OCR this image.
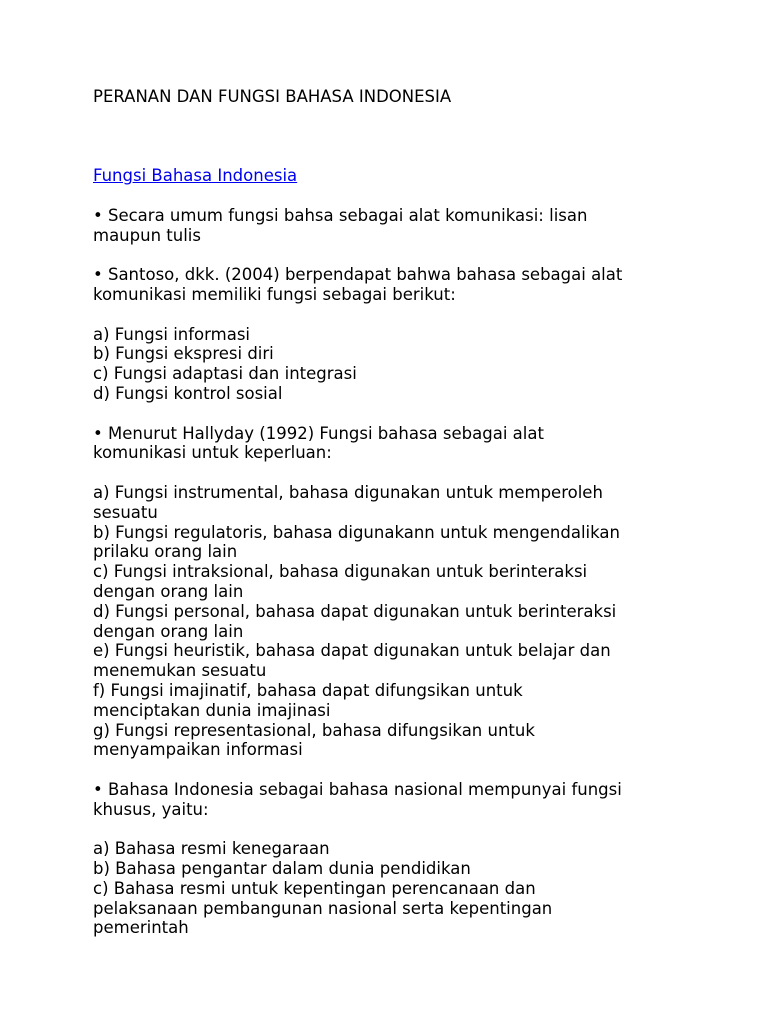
PERANAN DAN FUNGSI BAHASA INDONESIA
Fungsi Bahasa Indonesia
• Secara umum fungsi bahsa sebagai alat komunikasi: lisan
maupun tulis
• Santoso, dkk. (2004) berpendapat bahwa bahasa sebagai alat
komunikasi memiliki fungsi sebagai berikut:
a) Fungsi informasi
b) Fungsi ekspresi diri
c) Fungsi adaptasi dan integrasi
d) Fungsi kontrol sosial
• Menurut Hallyday (1992) Fungsi bahasa sebagai alat
komunikasi untuk keperluan:
a) Fungsi instrumental, bahasa digunakan untuk memperoleh
sesuatu
b) Fungsi regulatoris, bahasa digunakann untuk mengendalikan
prilaku orang lain
c) Fungsi intraksional, bahasa digunakan untuk berinteraksi
dengan orang lain
d) Fungsi personal, bahasa dapat digunakan untuk berinteraksi
dengan orang lain
e) Fungsi heuristik, bahasa dapat digunakan untuk belajar dan
menemukan sesuatu
f) Fungsi imajinatif, bahasa dapat difungsikan untuk
menciptakan dunia imajinasi
g) Fungsi representasional, bahasa difungsikan untuk
menyampaikan informasi
• Bahasa Indonesia sebagai bahasa nasional mempunyai fungsi
khusus, yaitu:
a) Bahasa resmi kenegaraan
b) Bahasa pengantar dalam dunia pendidikan
c) Bahasa resmi untuk kepentingan perencanaan dan
pelaksanaan pembangunan nasional serta kepentingan
pemerintah
